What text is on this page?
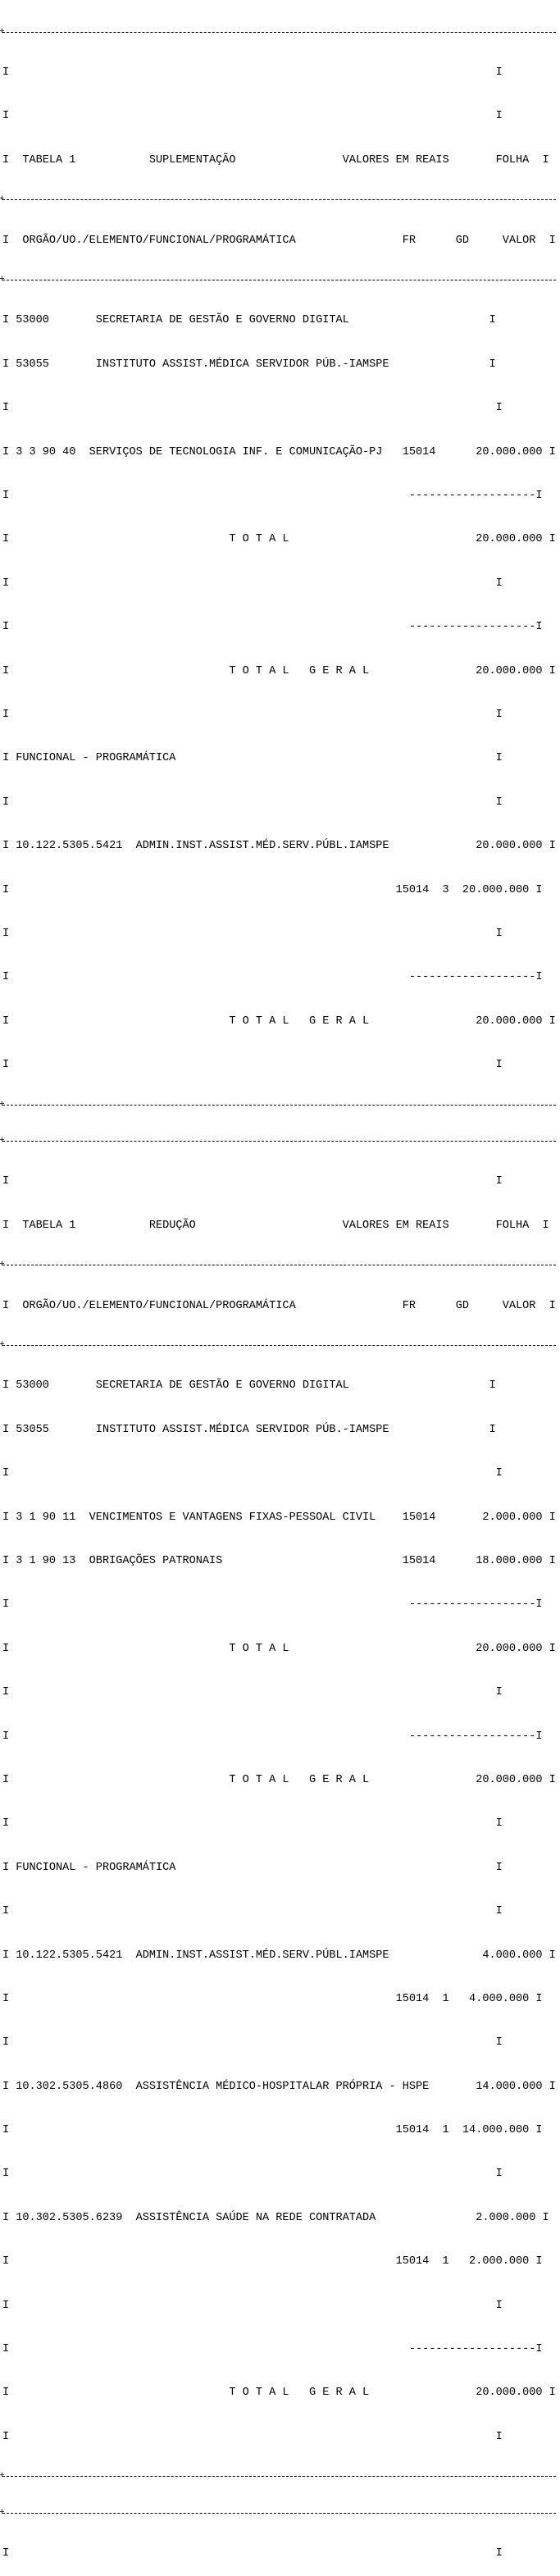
+

I                                                                         I

I                                                                         I

I  TABELA 1           SUPLEMENTAÇÃO                VALORES EM REAIS       FOLHA  I

+

I  ORGÃO/UO./ELEMENTO/FUNCIONAL/PROGRAMÁTICA                FR      GD     VALOR  I

+

I 53000       SECRETARIA DE GESTÃO E GOVERNO DIGITAL                     I

I 53055       INSTITUTO ASSIST.MÉDICA SERVIDOR PÚB.-IAMSPE               I

I                                                                         I

I 3 3 90 40  SERVIÇOS DE TECNOLOGIA INF. E COMUNICAÇÃO-PJ   15014      20.000.000 I

I                                                            -------------------I

I                                 T O T A L                            20.000.000 I

I                                                                         I

I                                                            -------------------I

I                                 T O T A L   G E R A L                20.000.000 I

I                                                                         I

I FUNCIONAL - PROGRAMÁTICA                                                I

I                                                                         I

I 10.122.5305.5421  ADMIN.INST.ASSIST.MÉD.SERV.PÚBL.IAMSPE             20.000.000 I

I                                                          15014  3  20.000.000 I

I                                                                         I

I                                                            -------------------I

I                                 T O T A L   G E R A L                20.000.000 I

I                                                                         I

+

+

I                                                                         I

I  TABELA 1           REDUÇÃO                      VALORES EM REAIS       FOLHA  I

+

I  ORGÃO/UO./ELEMENTO/FUNCIONAL/PROGRAMÁTICA                FR      GD     VALOR  I

+

I 53000       SECRETARIA DE GESTÃO E GOVERNO DIGITAL                     I

I 53055       INSTITUTO ASSIST.MÉDICA SERVIDOR PÚB.-IAMSPE               I

I                                                                         I

I 3 1 90 11  VENCIMENTOS E VANTAGENS FIXAS-PESSOAL CIVIL    15014       2.000.000 I

I 3 1 90 13  OBRIGAÇÕES PATRONAIS                           15014      18.000.000 I

I                                                            -------------------I

I                                 T O T A L                            20.000.000 I

I                                                                         I

I                                                            -------------------I

I                                 T O T A L   G E R A L                20.000.000 I

I                                                                         I

I FUNCIONAL - PROGRAMÁTICA                                                I

I                                                                         I

I 10.122.5305.5421  ADMIN.INST.ASSIST.MÉD.SERV.PÚBL.IAMSPE              4.000.000 I

I                                                          15014  1   4.000.000 I

I                                                                         I

I 10.302.5305.4860  ASSISTÊNCIA MÉDICO-HOSPITALAR PRÓPRIA - HSPE       14.000.000 I

I                                                          15014  1  14.000.000 I

I                                                                         I

I 10.302.5305.6239  ASSISTÊNCIA SAÚDE NA REDE CONTRATADA               2.000.000 I

I                                                          15014  1   2.000.000 I

I                                                                         I

I                                                            -------------------I

I                                 T O T A L   G E R A L                20.000.000 I

I                                                                         I

+

+

I                                                                         I
